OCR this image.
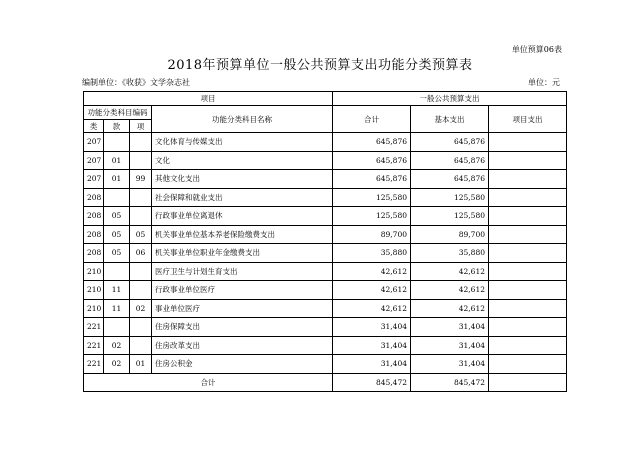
单位预算06表
2018年预算单位一般公共预算支出功能分类预算表
编制单位：《收获》文学杂志社	单位：元
项目				一般公共预算支出		
功能分类科目编码			功能分类科目名称	合计	基本支出	项目支出
类	款	项				
207			文化体育与传媒支出	645,876	645,876	
207	01		文化	645,876	645,876	
207	01	99	其他文化支出	645,876	645,876	
208			社会保障和就业支出	125,580	125,580	
208	05		行政事业单位离退休	125,580	125,580	
208	05	05	机关事业单位基本养老保险缴费支出	89,700	89,700	
208	05	06	机关事业单位职业年金缴费支出	35,880	35,880	
210			医疗卫生与计划生育支出	42,612	42,612	
210	11		行政事业单位医疗	42,612	42,612	
210	11	02	事业单位医疗	42,612	42,612	
221			住房保障支出	31,404	31,404	
221	02		住房改革支出	31,404	31,404	
221	02	01	住房公积金	31,404	31,404	
合计				845,472	845,472	
